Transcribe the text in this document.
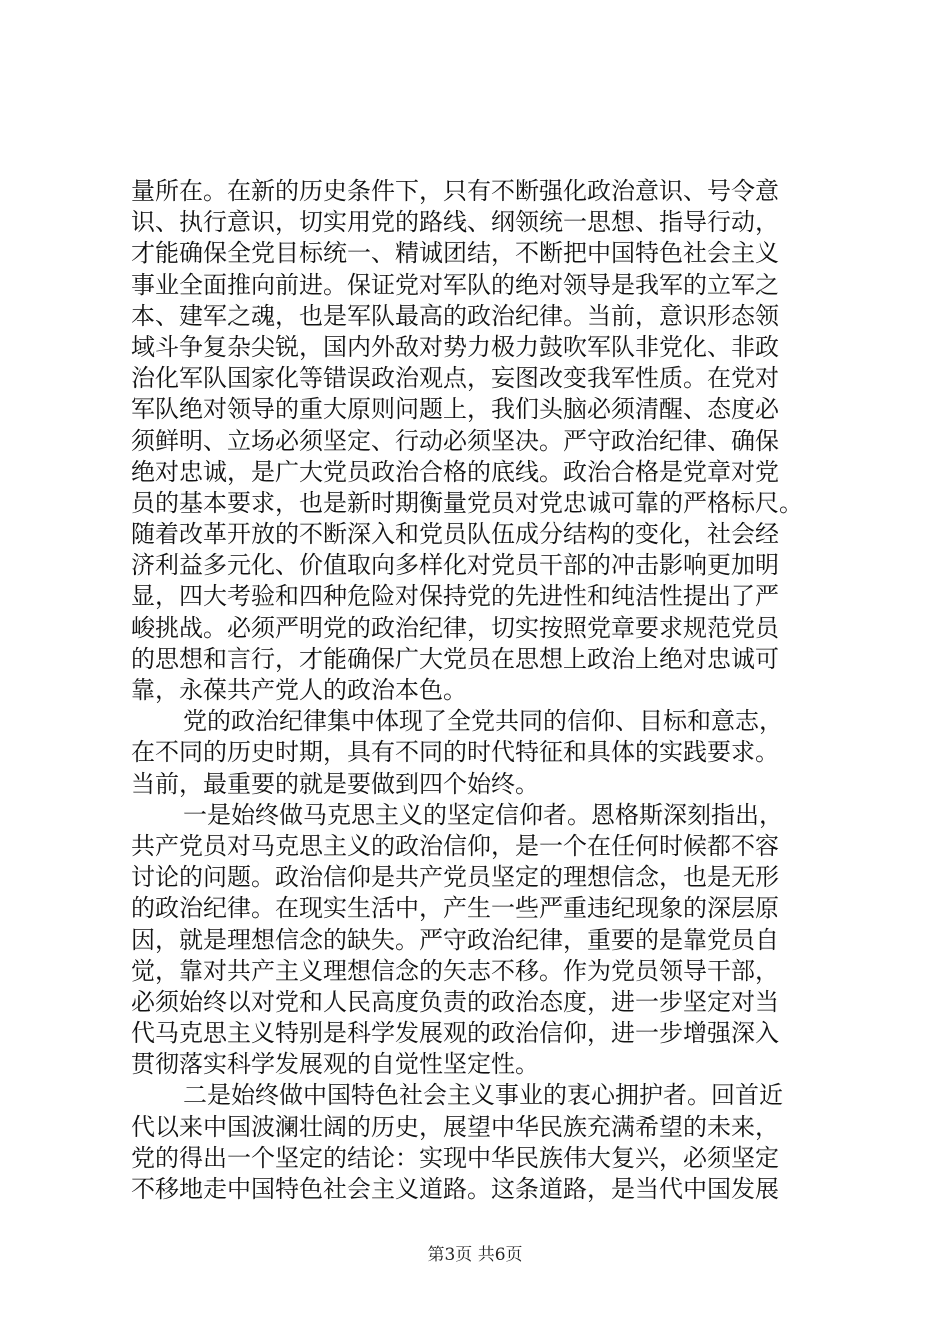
量所在。在新的历史条件下，只有不断强化政治意识、号令意
识、执行意识，切实用党的路线、纲领统一思想、指导行动，
才能确保全党目标统一、精诚团结，不断把中国特色社会主义
事业全面推向前进。保证党对军队的绝对领导是我军的立军之
本、建军之魂，也是军队最高的政治纪律。当前，意识形态领
域斗争复杂尖锐，国内外敌对势力极力鼓吹军队非党化、非政
治化军队国家化等错误政治观点，妄图改变我军性质。在党对
军队绝对领导的重大原则问题上，我们头脑必须清醒、态度必
须鲜明、立场必须坚定、行动必须坚决。严守政治纪律、确保
绝对忠诚，是广大党员政治合格的底线。政治合格是党章对党
员的基本要求，也是新时期衡量党员对党忠诚可靠的严格标尺。
随着改革开放的不断深入和党员队伍成分结构的变化，社会经
济利益多元化、价值取向多样化对党员干部的冲击影响更加明
显，四大考验和四种危险对保持党的先进性和纯洁性提出了严
峻挑战。必须严明党的政治纪律，切实按照党章要求规范党员
的思想和言行，才能确保广大党员在思想上政治上绝对忠诚可
靠，永葆共产党人的政治本色。
党的政治纪律集中体现了全党共同的信仰、目标和意志，
在不同的历史时期，具有不同的时代特征和具体的实践要求。
当前，最重要的就是要做到四个始终。
一是始终做马克思主义的坚定信仰者。恩格斯深刻指出，
共产党员对马克思主义的政治信仰，是一个在任何时候都不容
讨论的问题。政治信仰是共产党员坚定的理想信念，也是无形
的政治纪律。在现实生活中，产生一些严重违纪现象的深层原
因，就是理想信念的缺失。严守政治纪律，重要的是靠党员自
觉，靠对共产主义理想信念的矢志不移。作为党员领导干部，
必须始终以对党和人民高度负责的政治态度，进一步坚定对当
代马克思主义特别是科学发展观的政治信仰，进一步增强深入
贯彻落实科学发展观的自觉性坚定性。
二是始终做中国特色社会主义事业的衷心拥护者。回首近
代以来中国波澜壮阔的历史，展望中华民族充满希望的未来，
党的得出一个坚定的结论：实现中华民族伟大复兴，必须坚定
不移地走中国特色社会主义道路。这条道路，是当代中国发展
第3页 共6页
